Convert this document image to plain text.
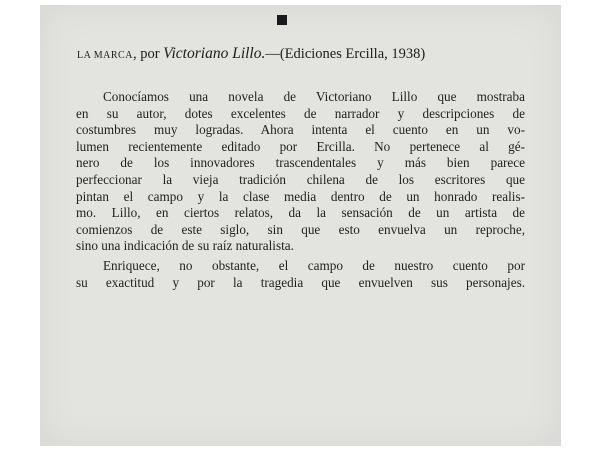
LA MARCA, por Victoriano Lillo.—(Ediciones Ercilla, 1938)
Conocíamos una novela de Victoriano Lillo que mostraba
en su autor, dotes excelentes de narrador y descripciones de
costumbres muy logradas. Ahora intenta el cuento en un vo-
lumen recientemente editado por Ercilla. No pertenece al gé-
nero de los innovadores trascendentales y más bien parece
perfeccionar la vieja tradición chilena de los escritores que
pintan el campo y la clase media dentro de un honrado realis-
mo. Lillo, en ciertos relatos, da la sensación de un artista de
comienzos de este siglo, sin que esto envuelva un reproche,
sino una indicación de su raíz naturalista.
Enriquece, no obstante, el campo de nuestro cuento por
su exactitud y por la tragedia que envuelven sus personajes.
